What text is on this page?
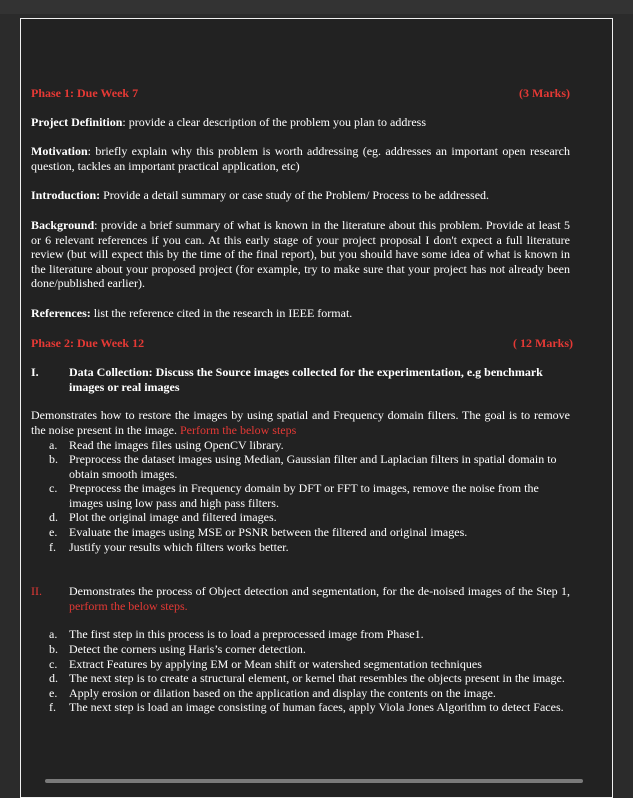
Phase 1: Due Week 7	(3 Marks)

Project Definition: provide a clear description of the problem you plan to address

Motivation: briefly explain why this problem is worth addressing (eg. addresses an important open research question, tackles an important practical application, etc)

Introduction: Provide a detail summary or case study of the Problem/ Process to be addressed.

Background: provide a brief summary of what is known in the literature about this problem. Provide at least 5 or 6 relevant references if you can. At this early stage of your project proposal I don't expect a full literature review (but will expect this by the time of the final report), but you should have some idea of what is known in the literature about your proposed project (for example, try to make sure that your project has not already been done/published earlier).

References: list the reference cited in the research in IEEE format.

Phase 2: Due Week 12	( 12 Marks)
I.	Data Collection: Discuss the Source images collected for the experimentation, e.g benchmark images or real images

Demonstrates how to restore the images by using spatial and Frequency domain filters. The goal is to remove the noise present in the image. Perform the below steps

a. Read the images files using OpenCV library.
b. Preprocess the dataset images using Median, Gaussian filter and Laplacian filters in spatial domain to obtain smooth images.
c. Preprocess the images in Frequency domain by DFT or FFT to images, remove the noise from the images using low pass and high pass filters.
d. Plot the original image and filtered images.
e. Evaluate the images using MSE or PSNR between the filtered and original images.
f.	Justify your results which filters works better.
II.	Demonstrates the process of Object detection and segmentation, for the de-noised images of the Step 1, perform the below steps.

a. The first step in this process is to load a preprocessed image from Phase1.
b. Detect the corners using Haris’s corner detection.
c. Extract Features by applying EM or Mean shift or watershed segmentation techniques
d. The next step is to create a structural element, or kernel that resembles the objects present in the image.
e. Apply erosion or dilation based on the application and display the contents on the image.
f.	The next step is load an image consisting of human faces, apply Viola Jones Algorithm to detect Faces.
